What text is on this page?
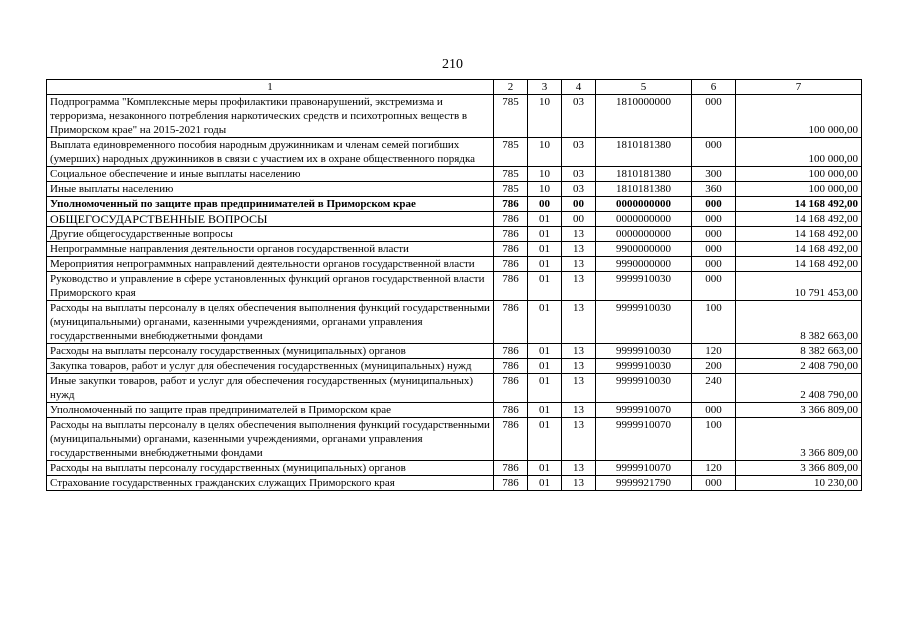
210
1	2	3	4	5	6	7
Подпрограмма "Комплексные меры профилактики правонарушений, экстремизма и терроризма, незаконного потребления наркотических средств и психотропных веществ в Приморском крае" на 2015-2021 годы	785	10	03	1810000000	000	100 000,00
Выплата единовременного пособия народным дружинникам и членам семей погибших (умерших) народных дружинников в связи с участием их в охране общественного порядка	785	10	03	1810181380	000	100 000,00
Социальное обеспечение и иные выплаты населению	785	10	03	1810181380	300	100 000,00
Иные выплаты населению	785	10	03	1810181380	360	100 000,00
Уполномоченный по защите прав предпринимателей в Приморском крае	786	00	00	0000000000	000	14 168 492,00
ОБЩЕГОСУДАРСТВЕННЫЕ ВОПРОСЫ	786	01	00	0000000000	000	14 168 492,00
Другие общегосударственные вопросы	786	01	13	0000000000	000	14 168 492,00
Непрограммные направления деятельности органов государственной власти	786	01	13	9900000000	000	14 168 492,00
Мероприятия непрограммных направлений деятельности органов государственной власти	786	01	13	9990000000	000	14 168 492,00
Руководство и управление в сфере установленных функций органов государственной власти Приморского края	786	01	13	9999910030	000	10 791 453,00
Расходы на выплаты персоналу в целях обеспечения выполнения функций государственными (муниципальными) органами, казенными учреждениями, органами управления государственными внебюджетными фондами	786	01	13	9999910030	100	8 382 663,00
Расходы на выплаты персоналу государственных (муниципальных) органов	786	01	13	9999910030	120	8 382 663,00
Закупка товаров, работ и услуг для обеспечения государственных (муниципальных) нужд	786	01	13	9999910030	200	2 408 790,00
Иные закупки товаров, работ и услуг для обеспечения государственных (муниципальных) нужд	786	01	13	9999910030	240	2 408 790,00
Уполномоченный по защите прав предпринимателей в Приморском крае	786	01	13	9999910070	000	3 366 809,00
Расходы на выплаты персоналу в целях обеспечения выполнения функций государственными (муниципальными) органами, казенными учреждениями, органами управления государственными внебюджетными фондами	786	01	13	9999910070	100	3 366 809,00
Расходы на выплаты персоналу государственных (муниципальных) органов	786	01	13	9999910070	120	3 366 809,00
Страхование государственных гражданских служащих Приморского края	786	01	13	9999921790	000	10 230,00
